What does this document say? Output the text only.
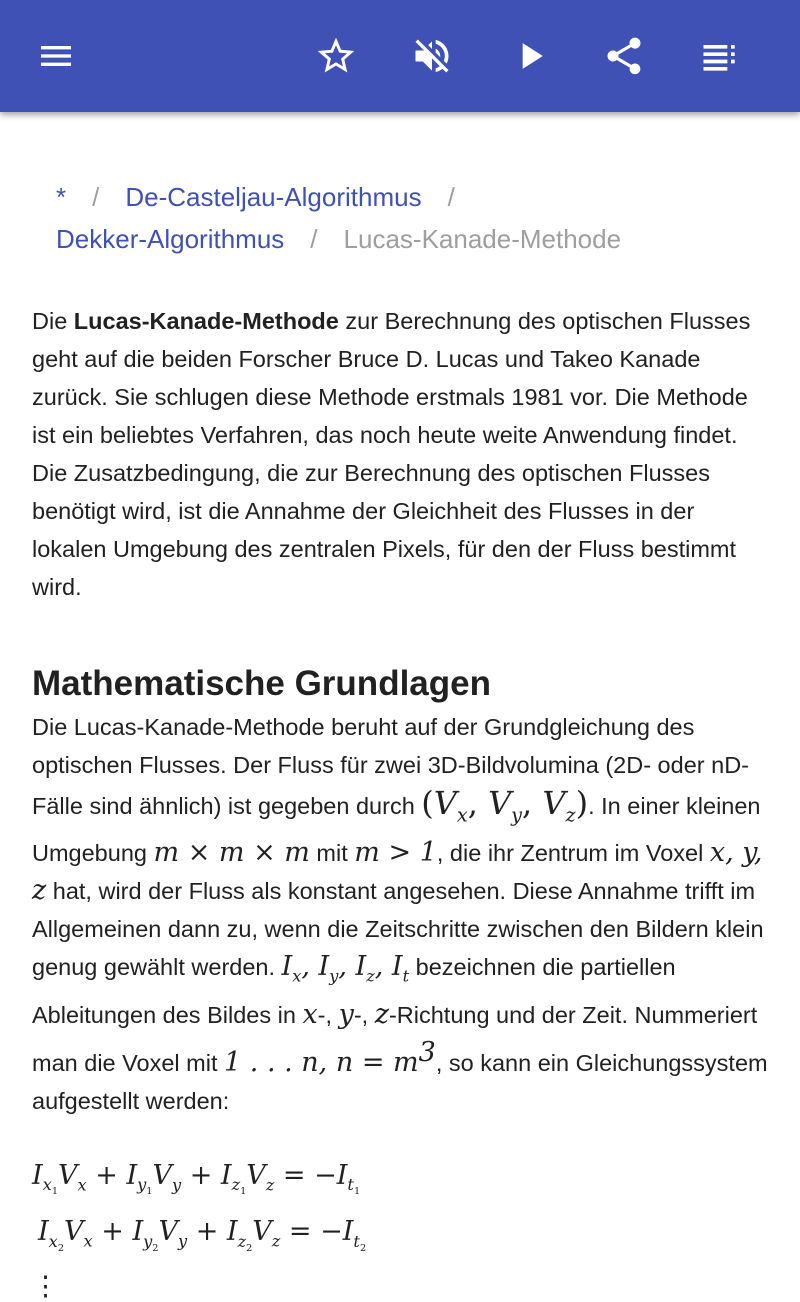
* / De-Casteljau-Algorithmus /
Dekker-Algorithmus / Lucas-Kanade-Methode

Die Lucas-Kanade-Methode zur Berechnung des optischen Flusses geht auf die beiden Forscher Bruce D. Lucas und Takeo Kanade zurück. Sie schlugen diese Methode erstmals 1981 vor. Die Methode ist ein beliebtes Verfahren, das noch heute weite Anwendung findet. Die Zusatzbedingung, die zur Berechnung des optischen Flusses benötigt wird, ist die Annahme der Gleichheit des Flusses in der lokalen Umgebung des zentralen Pixels, für den der Fluss bestimmt wird.

Mathematische Grundlagen

Die Lucas-Kanade-Methode beruht auf der Grundgleichung des optischen Flusses. Der Fluss für zwei 3D-Bildvolumina (2D- oder nD-Fälle sind ähnlich) ist gegeben durch ($V_x$, $V_y$, $V_z$). In einer kleinen Umgebung m × m × m mit m > 1, die ihr Zentrum im Voxel x, y, z hat, wird der Fluss als konstant angesehen. Diese Annahme trifft im Allgemeinen dann zu, wenn die Zeitschritte zwischen den Bildern klein genug gewählt werden. $I_x$, $I_y$, $I_z$, $I_t$ bezeichnen die partiellen Ableitungen des Bildes in x-, y-, z-Richtung und der Zeit. Nummeriert man die Voxel mit 1 . . . n, $n = m^3$, so kann ein Gleichungssystem aufgestellt werden:

$I_{x_1}V_x + I_{y_1}V_y + I_{z_1}V_z = -I_{t_1}$
$I_{x_2}V_x + I_{y_2}V_y + I_{z_2}V_z = -I_{t_2}$
⋮
